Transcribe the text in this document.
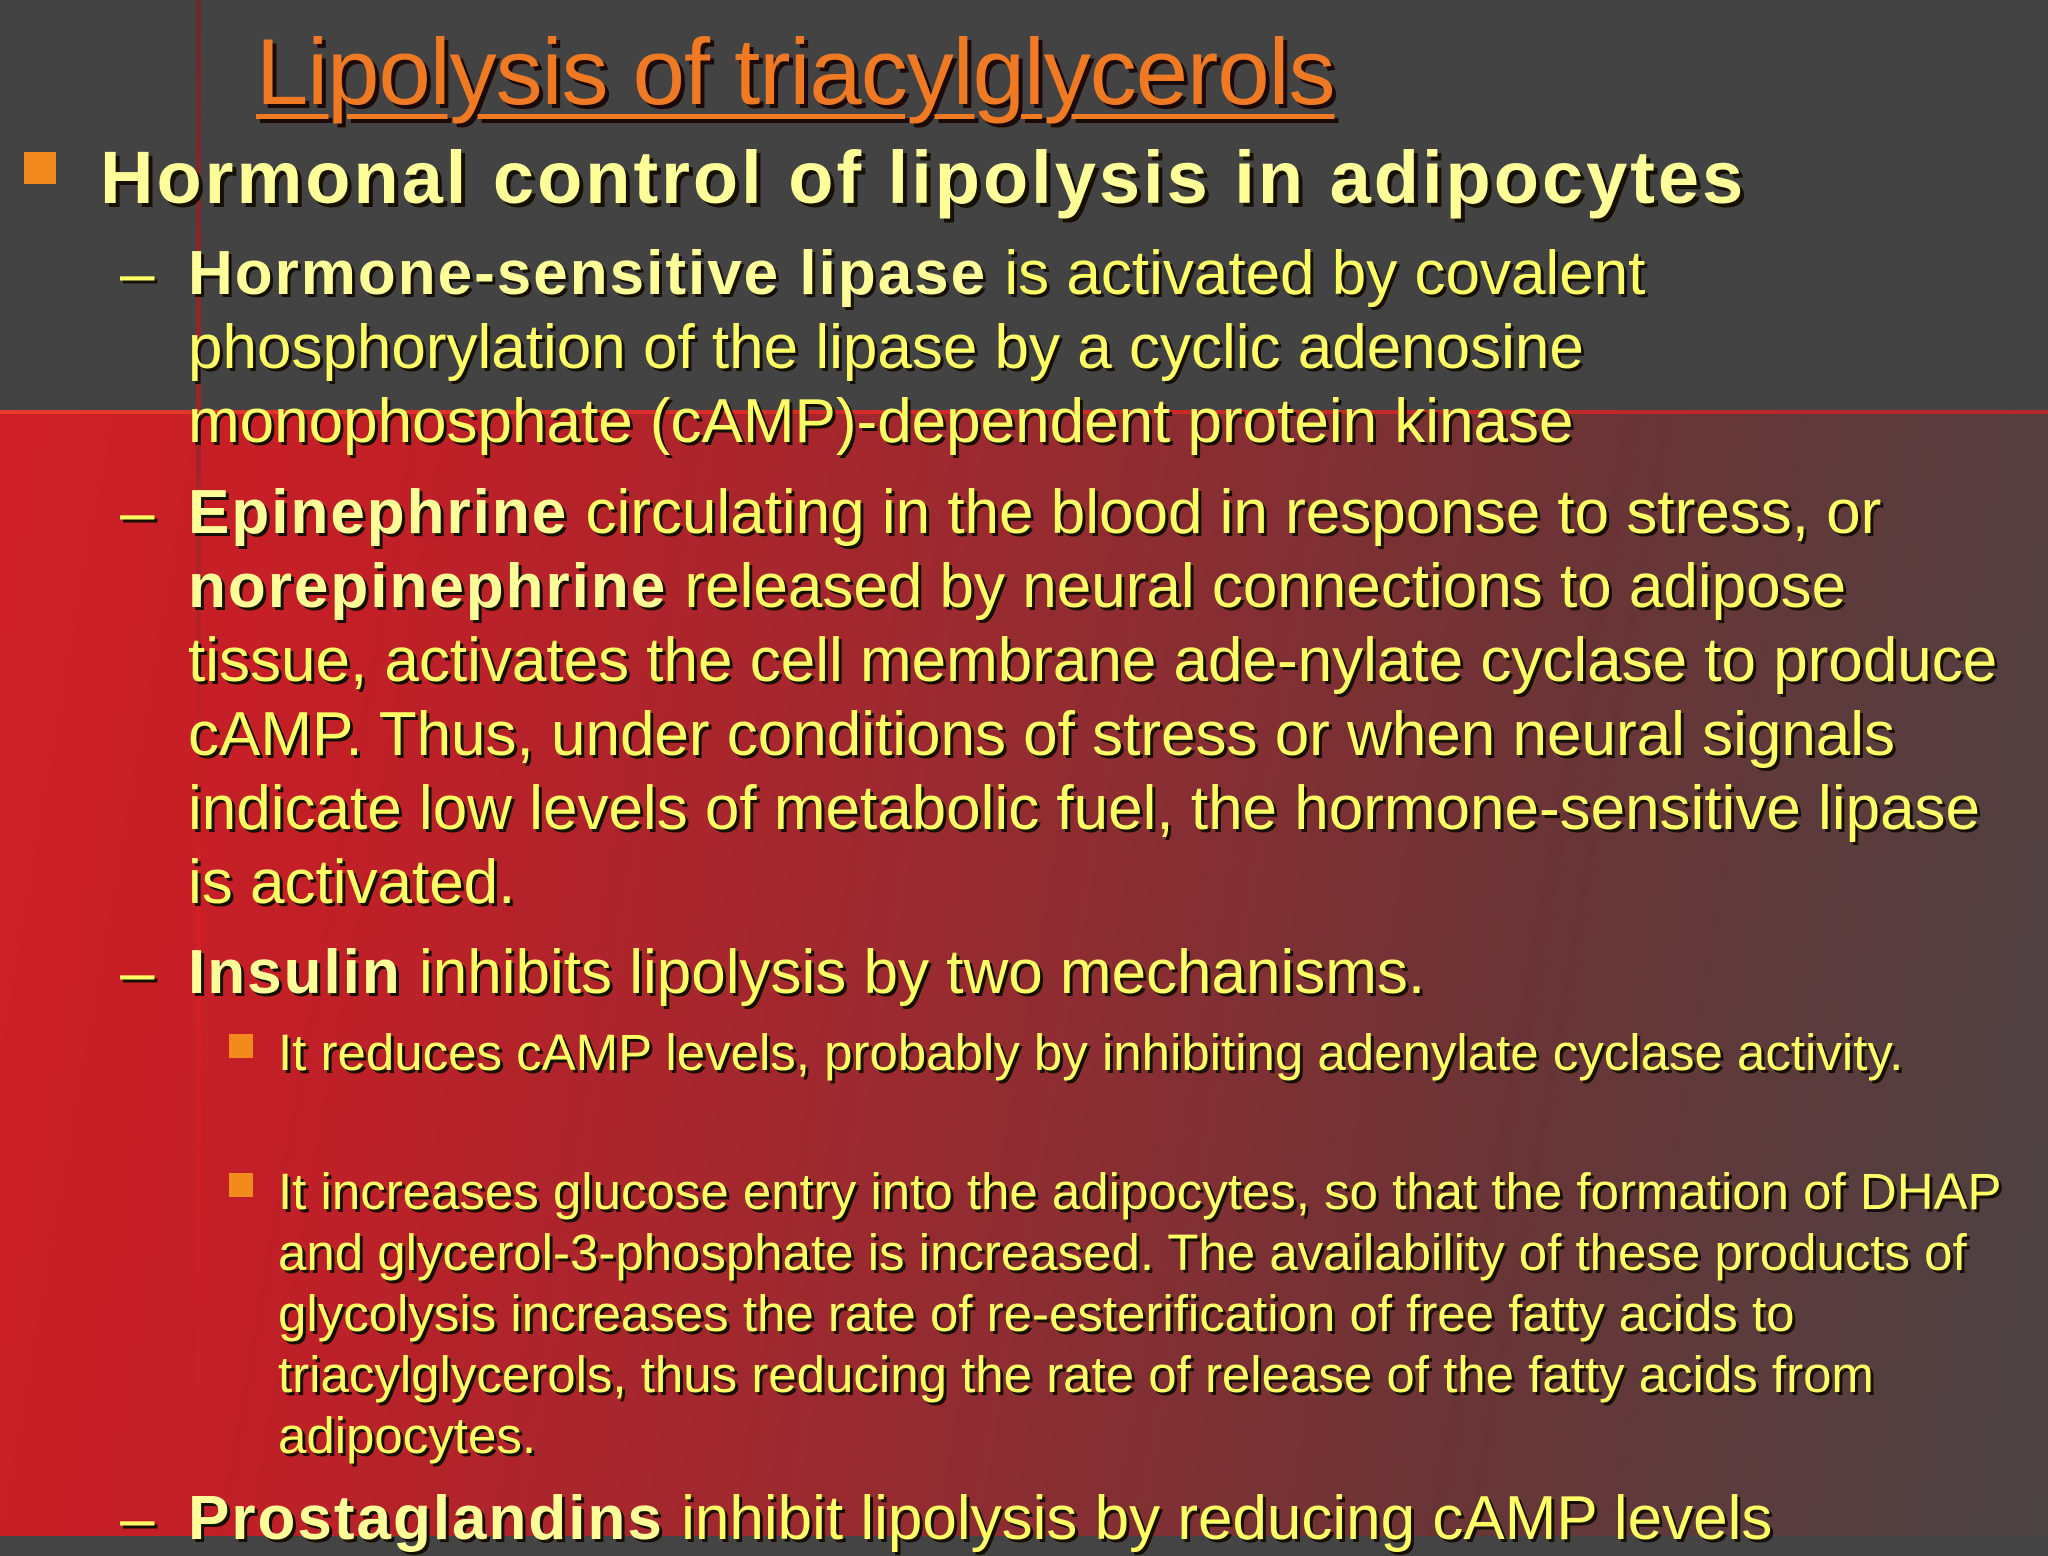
Lipolysis of triacylglycerols

Hormonal control of lipolysis in adipocytes

– Hormone-sensitive lipase is activated by covalent phosphorylation of the lipase by a cyclic adenosine monophosphate (cAMP)-dependent protein kinase

– Epinephrine circulating in the blood in response to stress, or norepinephrine released by neural connections to adipose tissue, activates the cell membrane ade-nylate cyclase to produce cAMP. Thus, under conditions of stress or when neural signals indicate low levels of metabolic fuel, the hormone-sensitive lipase is activated.

– Insulin inhibits lipolysis by two mechanisms.

It reduces cAMP levels, probably by inhibiting adenylate cyclase activity.

It increases glucose entry into the adipocytes, so that the formation of DHAP and glycerol-3-phosphate is increased. The availability of these products of glycolysis increases the rate of re-esterification of free fatty acids to triacylglycerols, thus reducing the rate of release of the fatty acids from adipocytes.

– Prostaglandins inhibit lipolysis by reducing cAMP levels
